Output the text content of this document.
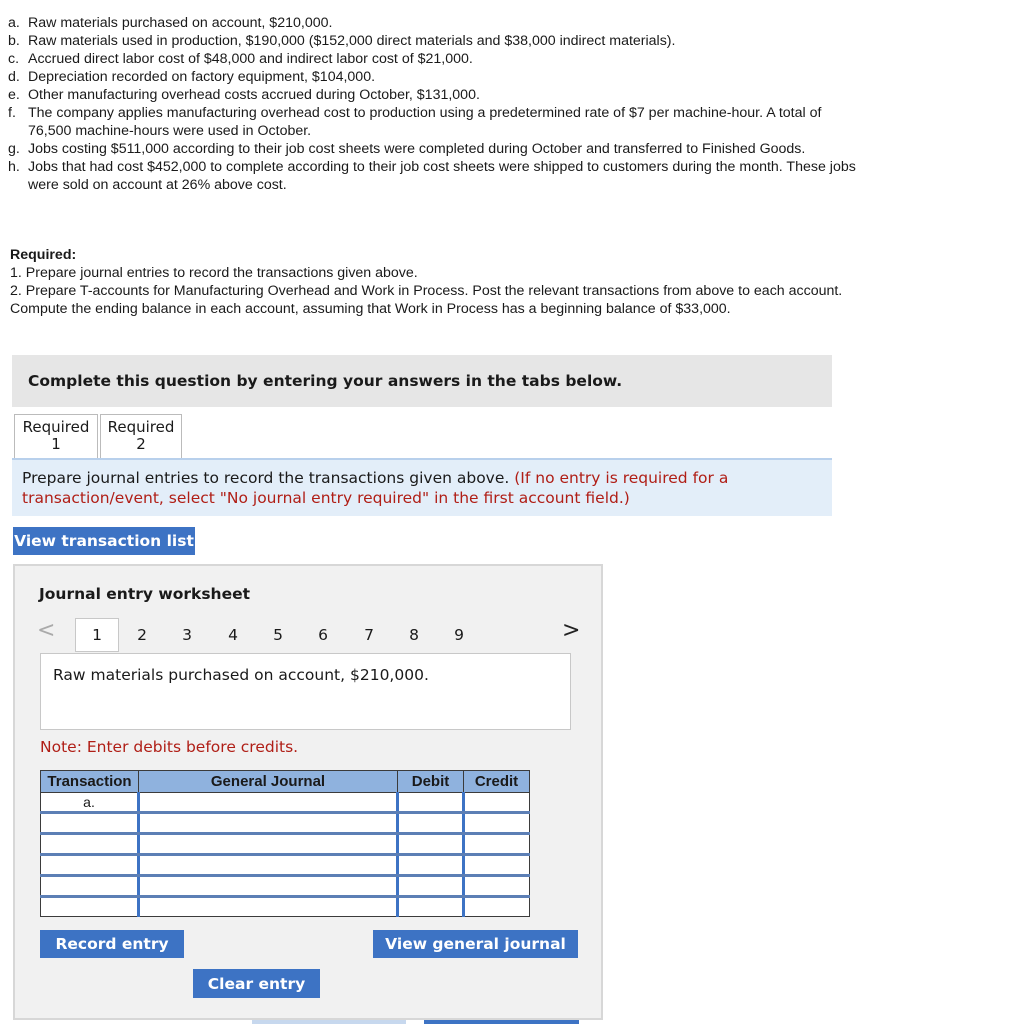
a. Raw materials purchased on account, $210,000.
b. Raw materials used in production, $190,000 ($152,000 direct materials and $38,000 indirect materials).
c. Accrued direct labor cost of $48,000 and indirect labor cost of $21,000.
d. Depreciation recorded on factory equipment, $104,000.
e. Other manufacturing overhead costs accrued during October, $131,000.
f. The company applies manufacturing overhead cost to production using a predetermined rate of $7 per machine-hour. A total of 76,500 machine-hours were used in October.
g. Jobs costing $511,000 according to their job cost sheets were completed during October and transferred to Finished Goods.
h. Jobs that had cost $452,000 to complete according to their job cost sheets were shipped to customers during the month. These jobs were sold on account at 26% above cost.
Required:
1. Prepare journal entries to record the transactions given above.
2. Prepare T-accounts for Manufacturing Overhead and Work in Process. Post the relevant transactions from above to each account. Compute the ending balance in each account, assuming that Work in Process has a beginning balance of $33,000.
Complete this question by entering your answers in the tabs below.
Required
1
Required
2
Prepare journal entries to record the transactions given above. (If no entry is required for a transaction/event, select "No journal entry required" in the first account field.)
View transaction list
Journal entry worksheet
<	1	2	3	4	5	6	7	8	9	>
Raw materials purchased on account, $210,000.
Note: Enter debits before credits.
Transaction	General Journal	Debit	Credit
a.			

Record entry	View general journal
Clear entry
